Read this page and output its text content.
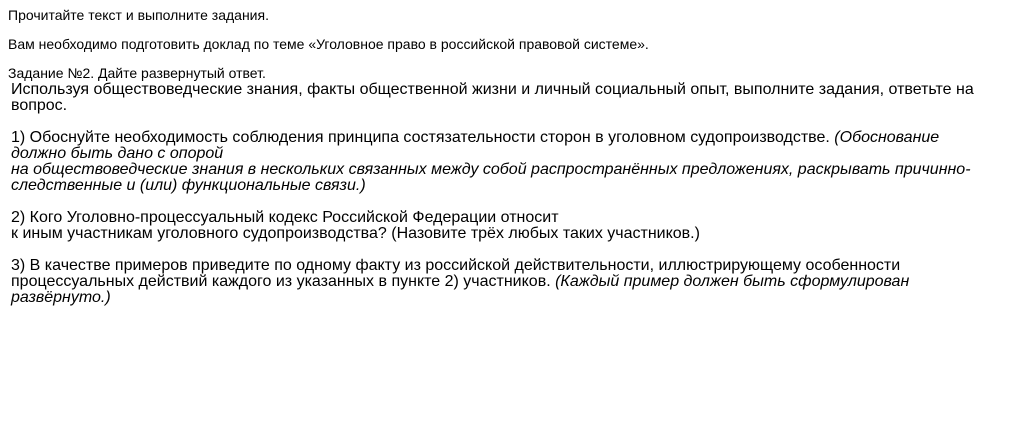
Прочитайте текст и выполните задания.

Вам необходимо подготовить доклад по теме «Уголовное право в российской правовой системе».

Задание №2. Дайте развернутый ответ.

Используя обществоведческие знания, факты общественной жизни и личный социальный опыт, выполните задания, ответьте на

вопрос.

1) Обоснуйте необходимость соблюдения принципа состязательности сторон в уголовном судопроизводстве. (Обоснование

должно быть дано с опорой

на обществоведческие знания в нескольких связанных между собой распространённых предложениях, раскрывать причинно-

следственные и (или) функциональные связи.)

2) Кого Уголовно-процессуальный кодекс Российской Федерации относит

к иным участникам уголовного судопроизводства? (Назовите трёх любых таких участников.)

3) В качестве примеров приведите по одному факту из российской действительности, иллюстрирующему особенности

процессуальных действий каждого из указанных в пункте 2) участников. (Каждый пример должен быть сформулирован

развёрнуто.)
